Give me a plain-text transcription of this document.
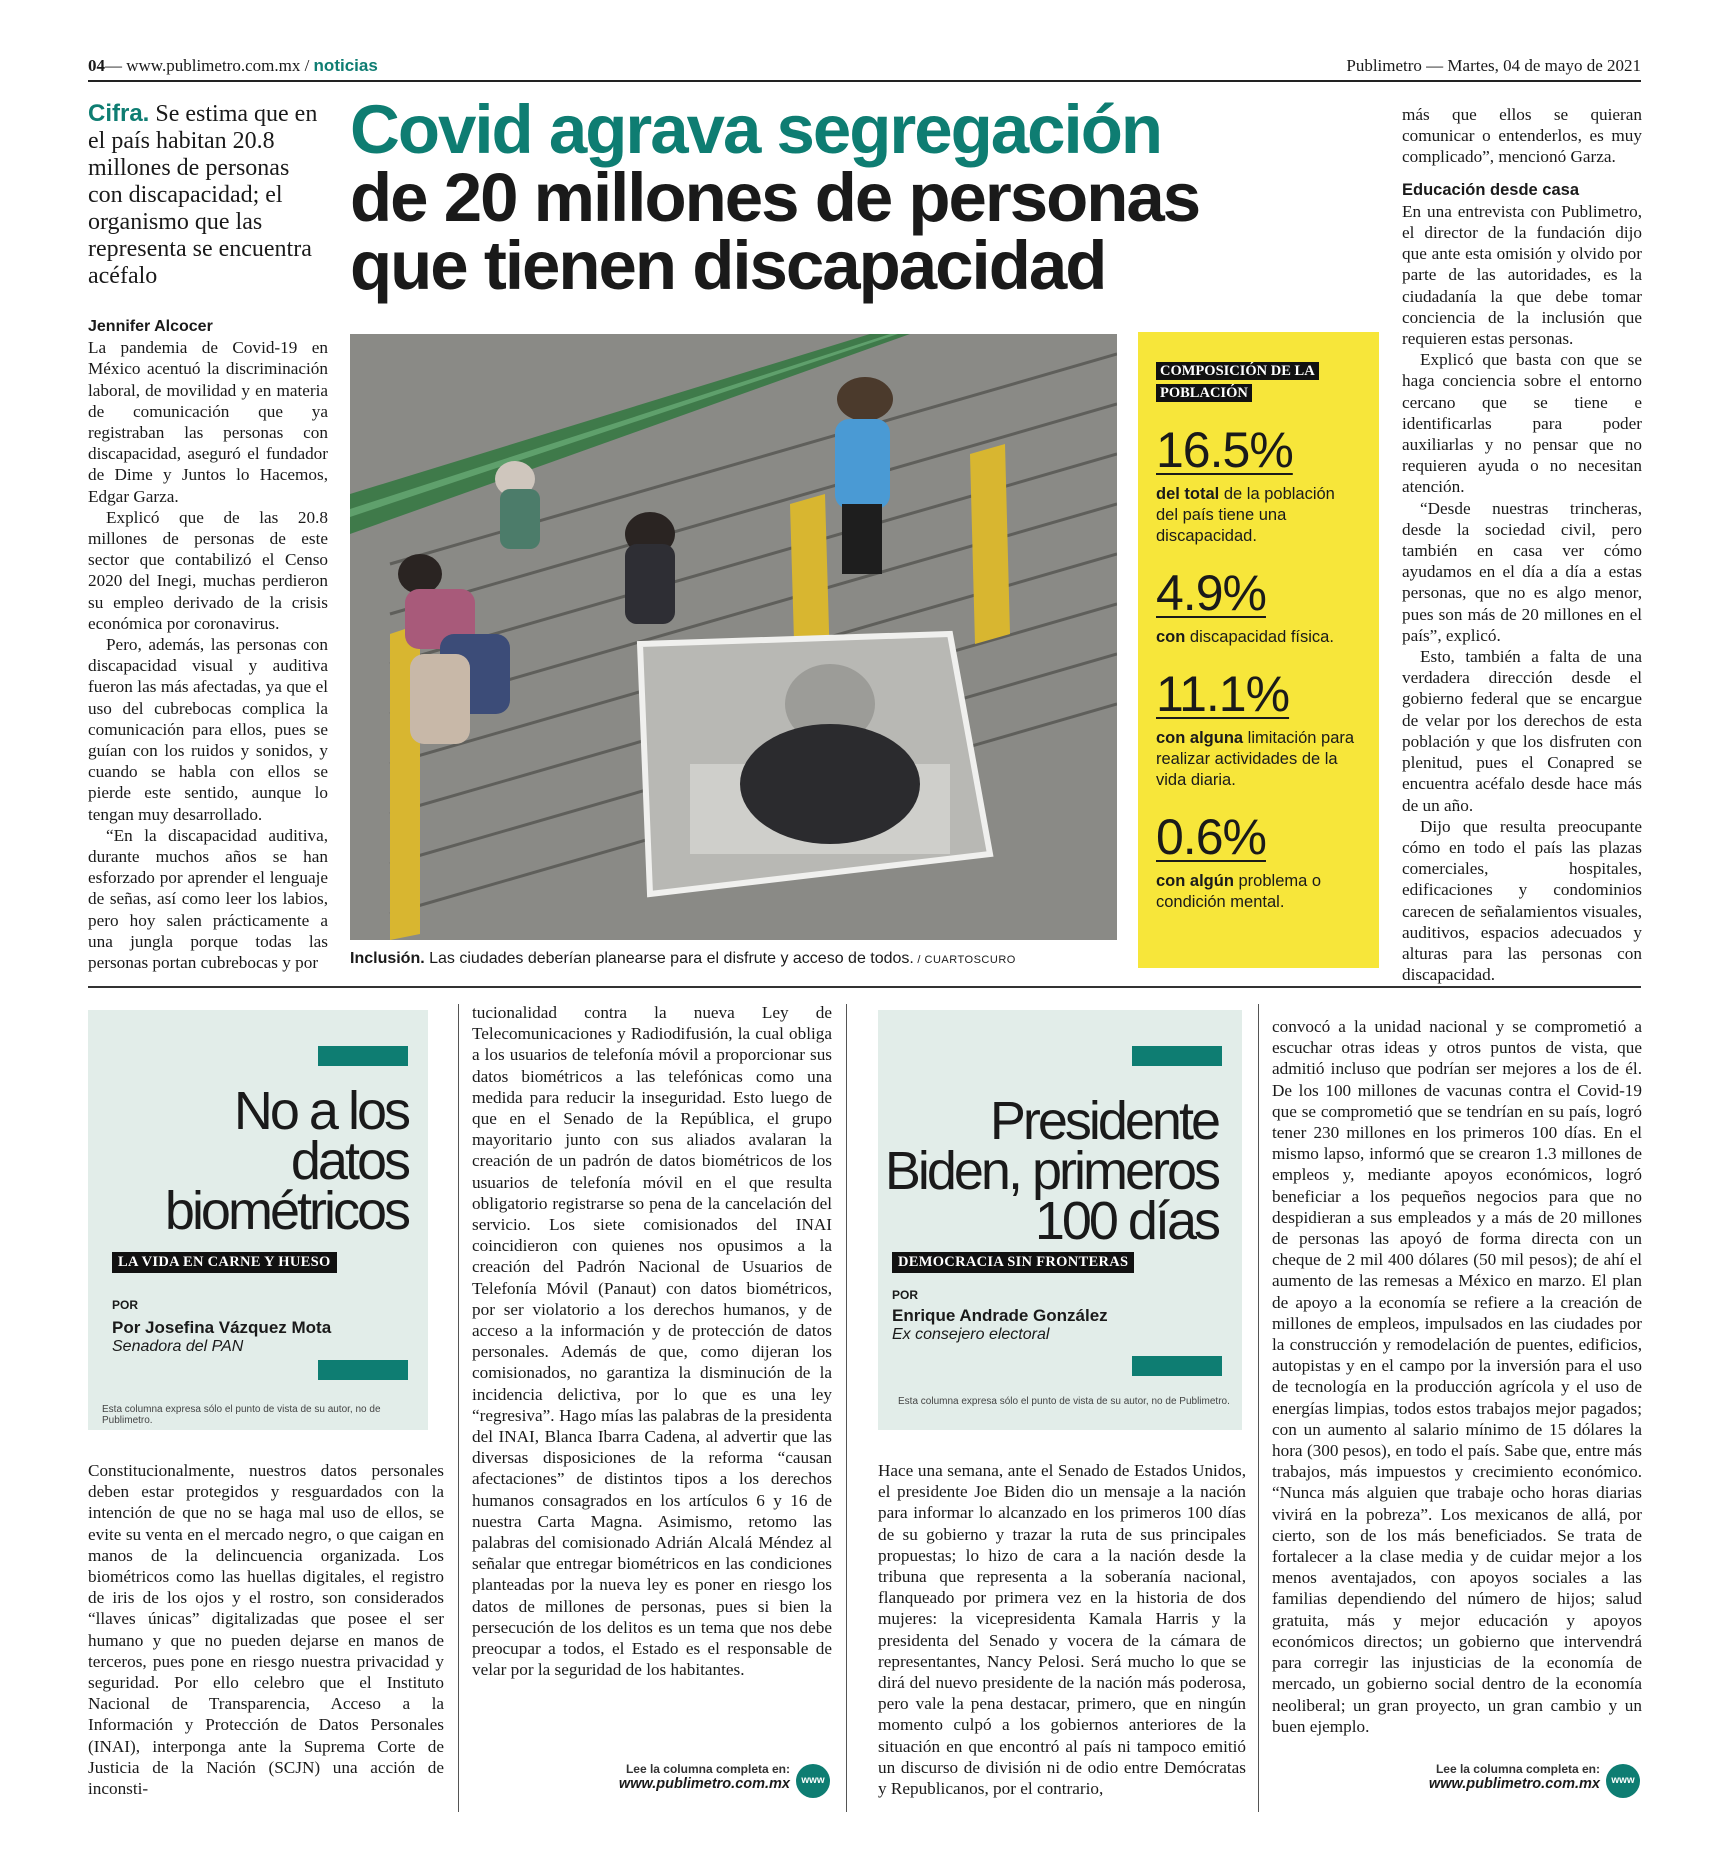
04— www.publimetro.com.mx / noticias	Publimetro — Martes, 04 de mayo de 2021
Cifra. Se estima que en el país habitan 20.8 millones de personas con discapacidad; el organismo que las representa se encuentra acéfalo
Covid agrava segregación
de 20 millones de personas
que tienen discapacidad
Jennifer Alcocer

La pandemia de Covid-19 en México acentuó la discriminación laboral, de movilidad y en materia de comunicación que ya registraban las personas con discapacidad, aseguró el fundador de Dime y Juntos lo Hacemos, Edgar Garza.

Explicó que de las 20.8 millones de personas de este sector que contabilizó el Censo 2020 del Inegi, muchas perdieron su empleo derivado de la crisis económica por coronavirus.

Pero, además, las personas con discapacidad visual y auditiva fueron las más afectadas, ya que el uso del cubrebocas complica la comunicación para ellos, pues se guían con los ruidos y sonidos, y cuando se habla con ellos se pierde este sentido, aunque lo tengan muy desarrollado.

“En la discapacidad auditiva, durante muchos años se han esforzado por aprender el lenguaje de señas, así como leer los labios, pero hoy salen prácticamente a una jungla porque todas las personas portan cubrebocas y por	Inclusión. Las ciudades deberían planearse para el disfrute y acceso de todos. / CUARTOSCURO
COMPOSICIÓN DE LA POBLACIÓN
16.5%
del total de la población del país tiene una discapacidad.
4.9%
con discapacidad física.
11.1%
con alguna limitación para realizar actividades de la vida diaria.
0.6%
con algún problema o condición mental.

más que ellos se quieran comunicar o entenderlos, es muy complicado”, mencionó Garza.

Educación desde casa

En una entrevista con Publimetro, el director de la fundación dijo que ante esta omisión y olvido por parte de las autoridades, es la ciudadanía la que debe tomar conciencia de la inclusión que requieren estas personas.

Explicó que basta con que se haga conciencia sobre el entorno cercano que se tiene e identificarlas para poder auxiliarlas y no pensar que no requieren ayuda o no necesitan atención.

“Desde nuestras trincheras, desde la sociedad civil, pero también en casa ver cómo ayudamos en el día a día a estas personas, que no es algo menor, pues son más de 20 millones en el país”, explicó.

Esto, también a falta de una verdadera dirección desde el gobierno federal que se encargue de velar por los derechos de esta población y que los disfruten con plenitud, pues el Conapred se encuentra acéfalo desde hace más de un año.

Dijo que resulta preocupante cómo en todo el país las plazas comerciales, hospitales, edificaciones y condominios carecen de señalamientos visuales, auditivos, espacios adecuados y alturas para las personas con discapacidad.

No a los
datos
biométricos
LA VIDA EN CARNE Y HUESO
POR
Por Josefina Vázquez Mota
Senadora del PAN
Esta columna expresa sólo el punto de vista de su autor, no de Publimetro.

Constitucionalmente, nuestros datos personales deben estar protegidos y resguardados con la intención de que no se haga mal uso de ellos, se evite su venta en el mercado negro, o que caigan en manos de la delincuencia organizada. Los biométricos como las huellas digitales, el registro de iris de los ojos y el rostro, son considerados “llaves únicas” digitalizadas que posee el ser humano y que no pueden dejarse en manos de terceros, pues pone en riesgo nuestra privacidad y seguridad. Por ello celebro que el Instituto Nacional de Transparencia, Acceso a la Información y Protección de Datos Personales (INAI), interponga ante la Suprema Corte de Justicia de la Nación (SCJN) una acción de inconsti-

tucionalidad contra la nueva Ley de Telecomunicaciones y Radiodifusión, la cual obliga a los usuarios de telefonía móvil a proporcionar sus datos biométricos a las telefónicas como una medida para reducir la inseguridad. Esto luego de que en el Senado de la República, el grupo mayoritario junto con sus aliados avalaran la creación de un padrón de datos biométricos de los usuarios de telefonía móvil en el que resulta obligatorio registrarse so pena de la cancelación del servicio. Los siete comisionados del INAI coincidieron con quienes nos opusimos a la creación del Padrón Nacional de Usuarios de Telefonía Móvil (Panaut) con datos biométricos, por ser violatorio a los derechos humanos, y de acceso a la información y de protección de datos personales. Además de que, como dijeran los comisionados, no garantiza la disminución de la incidencia delictiva, por lo que es una ley “regresiva”. Hago mías las palabras de la presidenta del INAI, Blanca Ibarra Cadena, al advertir que las diversas disposiciones de la reforma “causan afectaciones” de distintos tipos a los derechos humanos consagrados en los artículos 6 y 16 de nuestra Carta Magna. Asimismo, retomo las palabras del comisionado Adrián Alcalá Méndez al señalar que entregar biométricos en las condiciones planteadas por la nueva ley es poner en riesgo los datos de millones de personas, pues si bien la persecución de los delitos es un tema que nos debe preocupar a todos, el Estado es el responsable de velar por la seguridad de los habitantes.

Lee la columna completa en:
www.publimetro.com.mx	www
Presidente
Biden, primeros
100 días
DEMOCRACIA SIN FRONTERAS
POR
Enrique Andrade González
Ex consejero electoral
Esta columna expresa sólo el punto de vista de su autor, no de Publimetro.

Hace una semana, ante el Senado de Estados Unidos, el presidente Joe Biden dio un mensaje a la nación para informar lo alcanzado en los primeros 100 días de su gobierno y trazar la ruta de sus principales propuestas; lo hizo de cara a la nación desde la tribuna que representa a la soberanía nacional, flanqueado por primera vez en la historia de dos mujeres: la vicepresidenta Kamala Harris y la presidenta del Senado y vocera de la cámara de representantes, Nancy Pelosi. Será mucho lo que se dirá del nuevo presidente de la nación más poderosa, pero vale la pena destacar, primero, que en ningún momento culpó a los gobiernos anteriores de la situación en que encontró al país ni tampoco emitió un discurso de división ni de odio entre Demócratas y Republicanos, por el contrario,

convocó a la unidad nacional y se comprometió a escuchar otras ideas y otros puntos de vista, que admitió incluso que podrían ser mejores a los de él. De los 100 millones de vacunas contra el Covid-19 que se comprometió que se tendrían en su país, logró tener 230 millones en los primeros 100 días. En el mismo lapso, informó que se crearon 1.3 millones de empleos y, mediante apoyos económicos, logró beneficiar a los pequeños negocios para que no despidieran a sus empleados y a más de 20 millones de personas las apoyó de forma directa con un cheque de 2 mil 400 dólares (50 mil pesos); de ahí el aumento de las remesas a México en marzo. El plan de apoyo a la economía se refiere a la creación de millones de empleos, impulsados en las ciudades por la construcción y remodelación de puentes, edificios, autopistas y en el campo por la inversión para el uso de tecnología en la producción agrícola y el uso de energías limpias, todos estos trabajos mejor pagados; con un aumento al salario mínimo de 15 dólares la hora (300 pesos), en todo el país. Sabe que, entre más trabajos, más impuestos y crecimiento económico. “Nunca más alguien que trabaje ocho horas diarias vivirá en la pobreza”. Los mexicanos de allá, por cierto, son de los más beneficiados. Se trata de fortalecer a la clase media y de cuidar mejor a los menos aventajados, con apoyos sociales a las familias dependiendo del número de hijos; salud gratuita, más y mejor educación y apoyos económicos directos; un gobierno que intervendrá para corregir las injusticias de la economía de mercado, un gobierno social dentro de la economía neoliberal; un gran proyecto, un gran cambio y un buen ejemplo.

Lee la columna completa en:
www.publimetro.com.mx	www
